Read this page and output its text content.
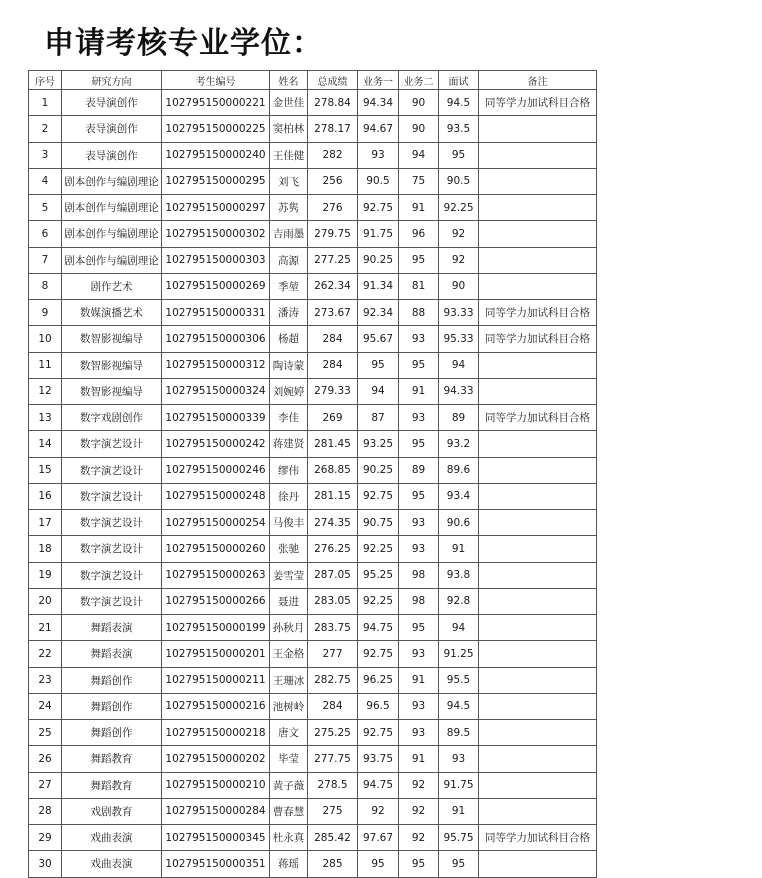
申请考核专业学位：
序号	研究方向	考生编号	姓名	总成绩	业务一	业务二	面试	备注
1	表导演创作	102795150000221	金世佳	278.84	94.34	90	94.5	同等学力加试科目合格
2	表导演创作	102795150000225	窦柏林	278.17	94.67	90	93.5	
3	表导演创作	102795150000240	王佳健	282	93	94	95	
4	剧本创作与编剧理论	102795150000295	刘飞	256	90.5	75	90.5	
5	剧本创作与编剧理论	102795150000297	苏隽	276	92.75	91	92.25	
6	剧本创作与编剧理论	102795150000302	吉雨墨	279.75	91.75	96	92	
7	剧本创作与编剧理论	102795150000303	高源	277.25	90.25	95	92	
8	剧作艺术	102795150000269	季堃	262.34	91.34	81	90	
9	数媒演播艺术	102795150000331	潘涛	273.67	92.34	88	93.33	同等学力加试科目合格
10	数智影视编导	102795150000306	杨超	284	95.67	93	95.33	同等学力加试科目合格
11	数智影视编导	102795150000312	陶诗蒙	284	95	95	94	
12	数智影视编导	102795150000324	刘婉婷	279.33	94	91	94.33	
13	数字戏剧创作	102795150000339	李佳	269	87	93	89	同等学力加试科目合格
14	数字演艺设计	102795150000242	蒋建贤	281.45	93.25	95	93.2	
15	数字演艺设计	102795150000246	缪伟	268.85	90.25	89	89.6	
16	数字演艺设计	102795150000248	徐丹	281.15	92.75	95	93.4	
17	数字演艺设计	102795150000254	马俊丰	274.35	90.75	93	90.6	
18	数字演艺设计	102795150000260	张驰	276.25	92.25	93	91	
19	数字演艺设计	102795150000263	姜雪莹	287.05	95.25	98	93.8	
20	数字演艺设计	102795150000266	聂进	283.05	92.25	98	92.8	
21	舞蹈表演	102795150000199	孙秋月	283.75	94.75	95	94	
22	舞蹈表演	102795150000201	王金格	277	92.75	93	91.25	
23	舞蹈创作	102795150000211	王珊冰	282.75	96.25	91	95.5	
24	舞蹈创作	102795150000216	池树岭	284	96.5	93	94.5	
25	舞蹈创作	102795150000218	唐文	275.25	92.75	93	89.5	
26	舞蹈教育	102795150000202	毕莹	277.75	93.75	91	93	
27	舞蹈教育	102795150000210	黄子薇	278.5	94.75	92	91.75	
28	戏剧教育	102795150000284	曹春慧	275	92	92	91	
29	戏曲表演	102795150000345	杜永真	285.42	97.67	92	95.75	同等学力加试科目合格
30	戏曲表演	102795150000351	蒋瑶	285	95	95	95	
